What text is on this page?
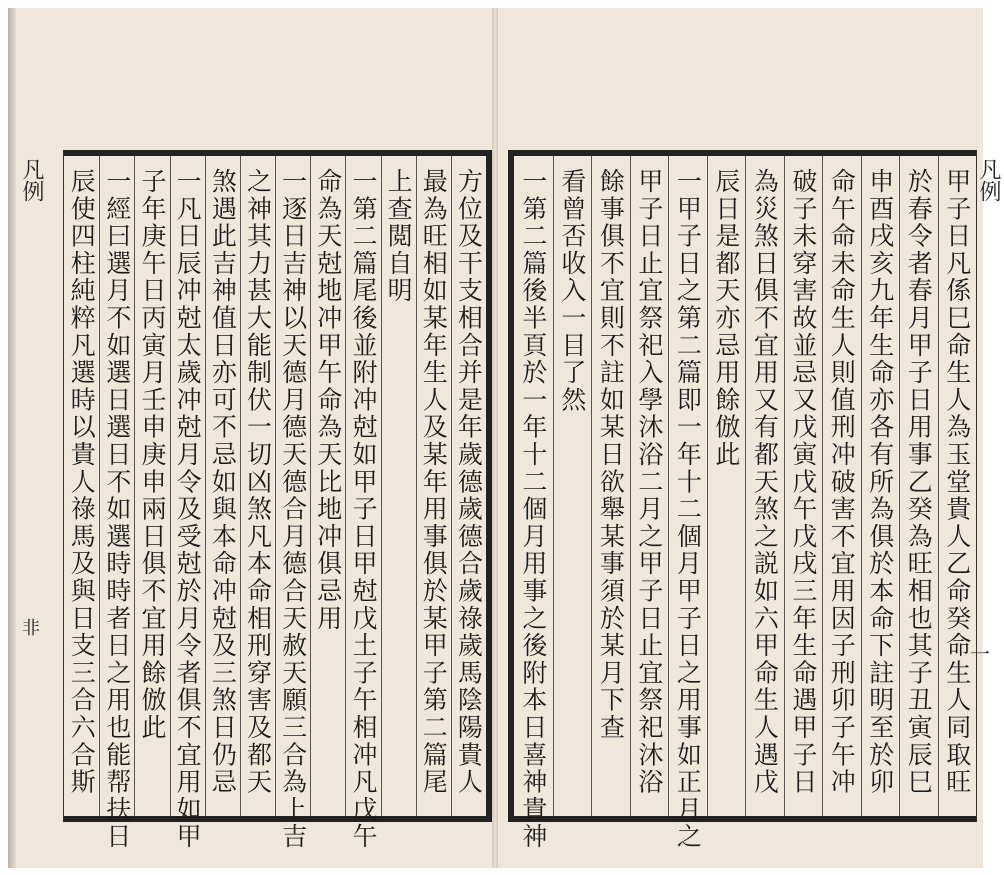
凡例
非	方位及干支相合并是年歲德歲德合歲祿歲馬陰陽貴人
最為旺相如某年生人及某年用事俱於某甲子第二篇尾
上查閲自明
一第二篇尾後並附冲尅如甲子日甲尅戊土子午相冲凡戊午
命為天尅地冲甲午命為天比地冲俱忌用
一逐日吉神以天德月德天德合月德合天赦天願三合為上吉
之神其力甚大能制伏一切凶煞凡本命相刑穿害及都天
煞遇此吉神值日亦可不忌如與本命冲尅及三煞日仍忌
一凡日辰冲尅太歲冲尅月令及受尅於月令者俱不宜用如甲
子年庚午日丙寅月壬申庚申兩日俱不宜用餘倣此
一經曰選月不如選日選日不如選時時者日之用也能帮扶日
辰使四柱純粹凡選時以貴人祿馬及與日支三合六合斯	甲子日凡係巳命生人為玉堂貴人乙命癸命生人同取旺
於春令者春月甲子日用事乙癸為旺相也其子丑寅辰巳
申酉戌亥九年生命亦各有所為俱於本命下註明至於卯
命午命未命生人則值刑冲破害不宜用因子刑卯子午冲
破子未穿害故並忌又戊寅戊午戊戌三年生命遇甲子日
為災煞日俱不宜用又有都天煞之説如六甲命生人遇戊
辰日是都天亦忌用餘倣此
一甲子日之第二篇即一年十二個月甲子日之用事如正月之
甲子日止宜祭祀入學沐浴二月之甲子日止宜祭祀沐浴
餘事俱不宜則不註如某日欲舉某事須於某月下查
看曾否收入一目了然
一第二篇後半頁於一年十二個月用事之後附本日喜神貴神	凡例
一
